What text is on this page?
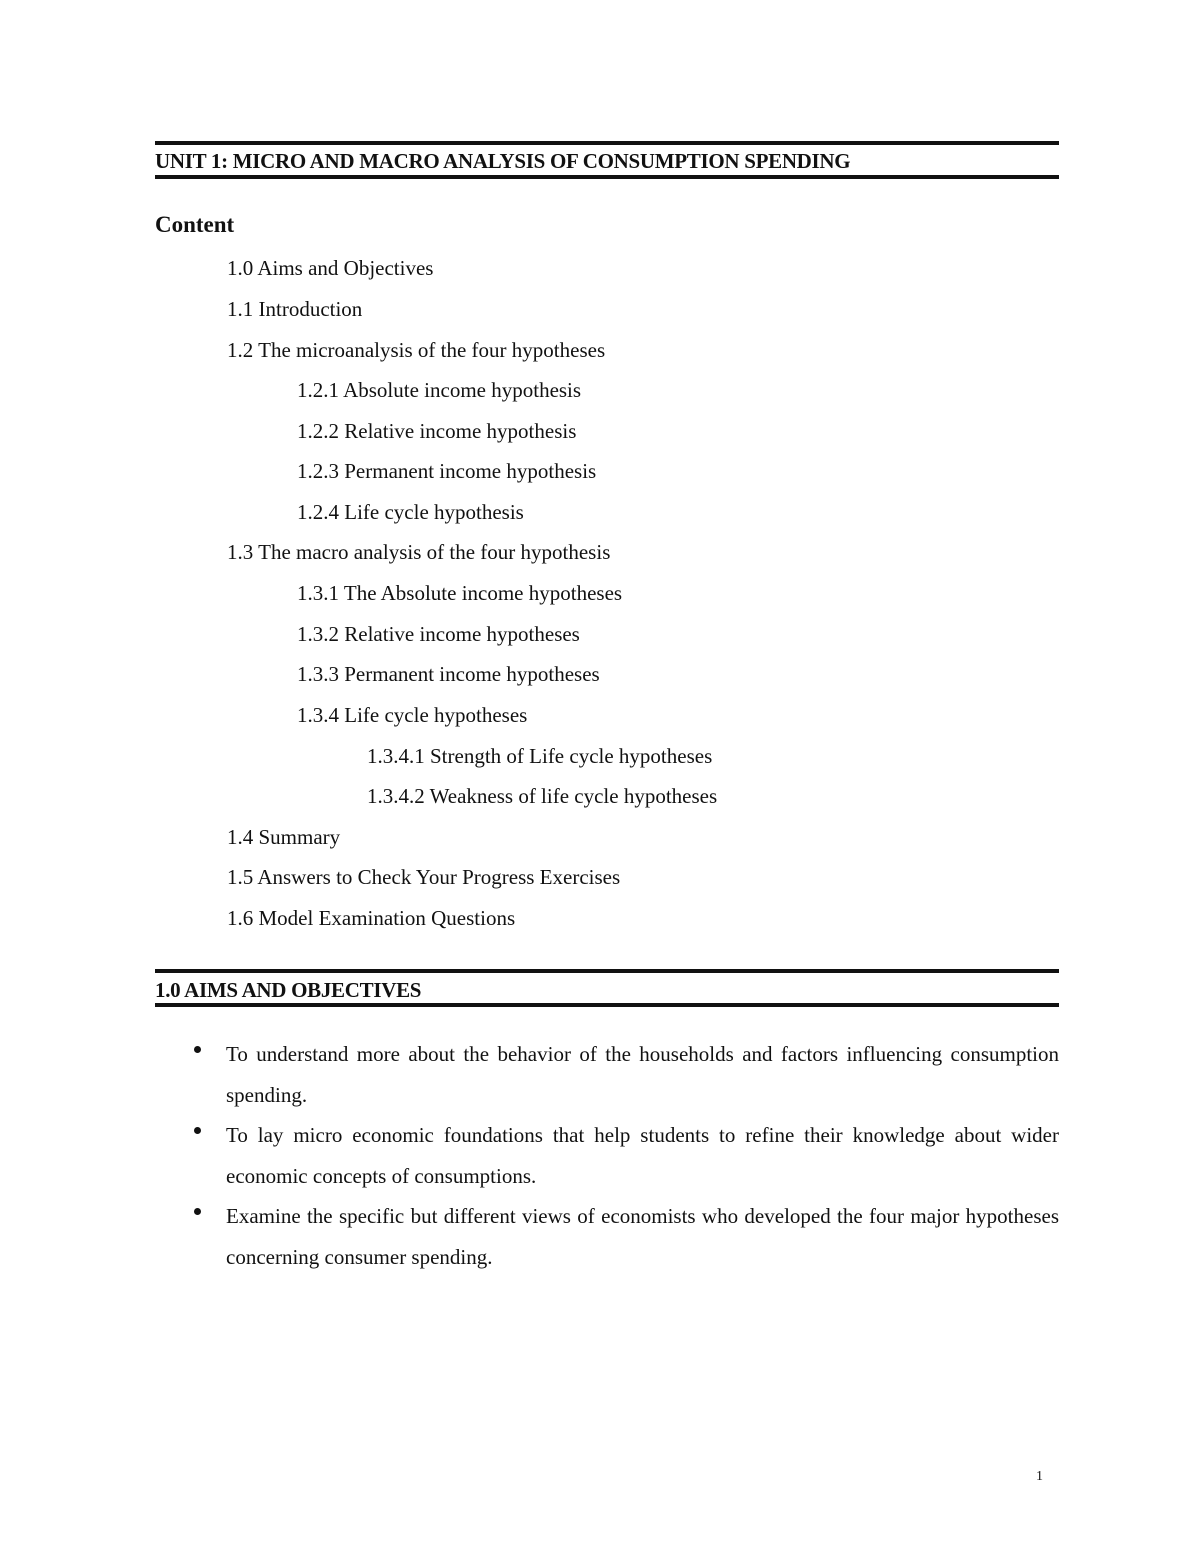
UNIT 1: MICRO AND MACRO ANALYSIS OF CONSUMPTION SPENDING
Content
1.0 Aims and Objectives
1.1 Introduction
1.2 The microanalysis of the four hypotheses
1.2.1 Absolute income hypothesis
1.2.2 Relative income hypothesis
1.2.3 Permanent income hypothesis
1.2.4 Life cycle hypothesis
1.3 The macro analysis of the four hypothesis
1.3.1 The Absolute income hypotheses
1.3.2 Relative income hypotheses
1.3.3 Permanent income hypotheses
1.3.4 Life cycle hypotheses
1.3.4.1 Strength of Life cycle hypotheses
1.3.4.2 Weakness of life cycle hypotheses
1.4 Summary
1.5 Answers to Check Your Progress Exercises
1.6 Model Examination Questions
1.0 AIMS AND OBJECTIVES

To understand more about the behavior of the households and factors influencing consumption spending.

To lay micro economic foundations that help students to refine their knowledge about wider economic concepts of consumptions.

Examine the specific but different views of economists who developed the four major hypotheses concerning consumer spending.

1
